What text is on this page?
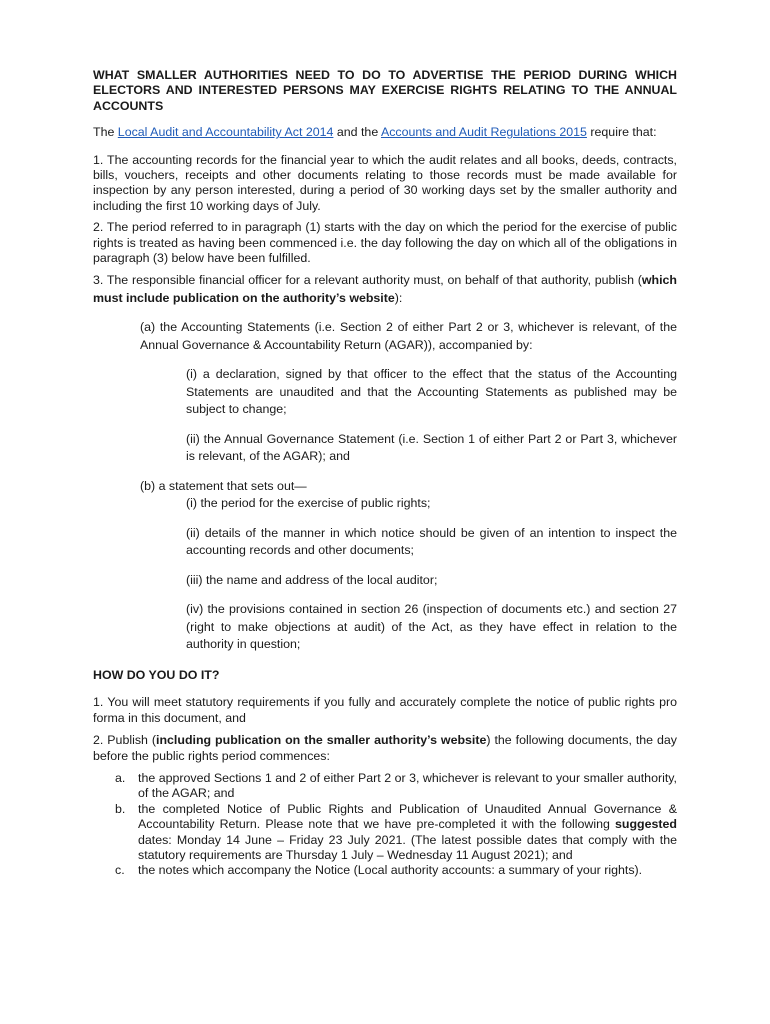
WHAT SMALLER AUTHORITIES NEED TO DO TO ADVERTISE THE PERIOD DURING WHICH ELECTORS AND INTERESTED PERSONS MAY EXERCISE RIGHTS RELATING TO THE ANNUAL ACCOUNTS

The Local Audit and Accountability Act 2014 and the Accounts and Audit Regulations 2015 require that:

1. The accounting records for the financial year to which the audit relates and all books, deeds, contracts, bills, vouchers, receipts and other documents relating to those records must be made available for inspection by any person interested, during a period of 30 working days set by the smaller authority and including the first 10 working days of July.

2. The period referred to in paragraph (1) starts with the day on which the period for the exercise of public rights is treated as having been commenced i.e. the day following the day on which all of the obligations in paragraph (3) below have been fulfilled.

3. The responsible financial officer for a relevant authority must, on behalf of that authority, publish (which must include publication on the authority’s website):

(a) the Accounting Statements (i.e. Section 2 of either Part 2 or 3, whichever is relevant, of the Annual Governance & Accountability Return (AGAR)), accompanied by:

(i) a declaration, signed by that officer to the effect that the status of the Accounting Statements are unaudited and that the Accounting Statements as published may be subject to change;

(ii) the Annual Governance Statement (i.e. Section 1 of either Part 2 or Part 3, whichever is relevant, of the AGAR); and

(b) a statement that sets out—

(i) the period for the exercise of public rights;

(ii) details of the manner in which notice should be given of an intention to inspect the accounting records and other documents;

(iii) the name and address of the local auditor;

(iv) the provisions contained in section 26 (inspection of documents etc.) and section 27 (right to make objections at audit) of the Act, as they have effect in relation to the authority in question;

HOW DO YOU DO IT?

1. You will meet statutory requirements if you fully and accurately complete the notice of public rights pro forma in this document, and

2. Publish (including publication on the smaller authority’s website) the following documents, the day before the public rights period commences:

a. the approved Sections 1 and 2 of either Part 2 or 3, whichever is relevant to your smaller authority, of the AGAR; and
b. the completed Notice of Public Rights and Publication of Unaudited Annual Governance & Accountability Return. Please note that we have pre-completed it with the following suggested dates: Monday 14 June – Friday 23 July 2021. (The latest possible dates that comply with the statutory requirements are Thursday 1 July – Wednesday 11 August 2021); and
c. the notes which accompany the Notice (Local authority accounts: a summary of your rights).
